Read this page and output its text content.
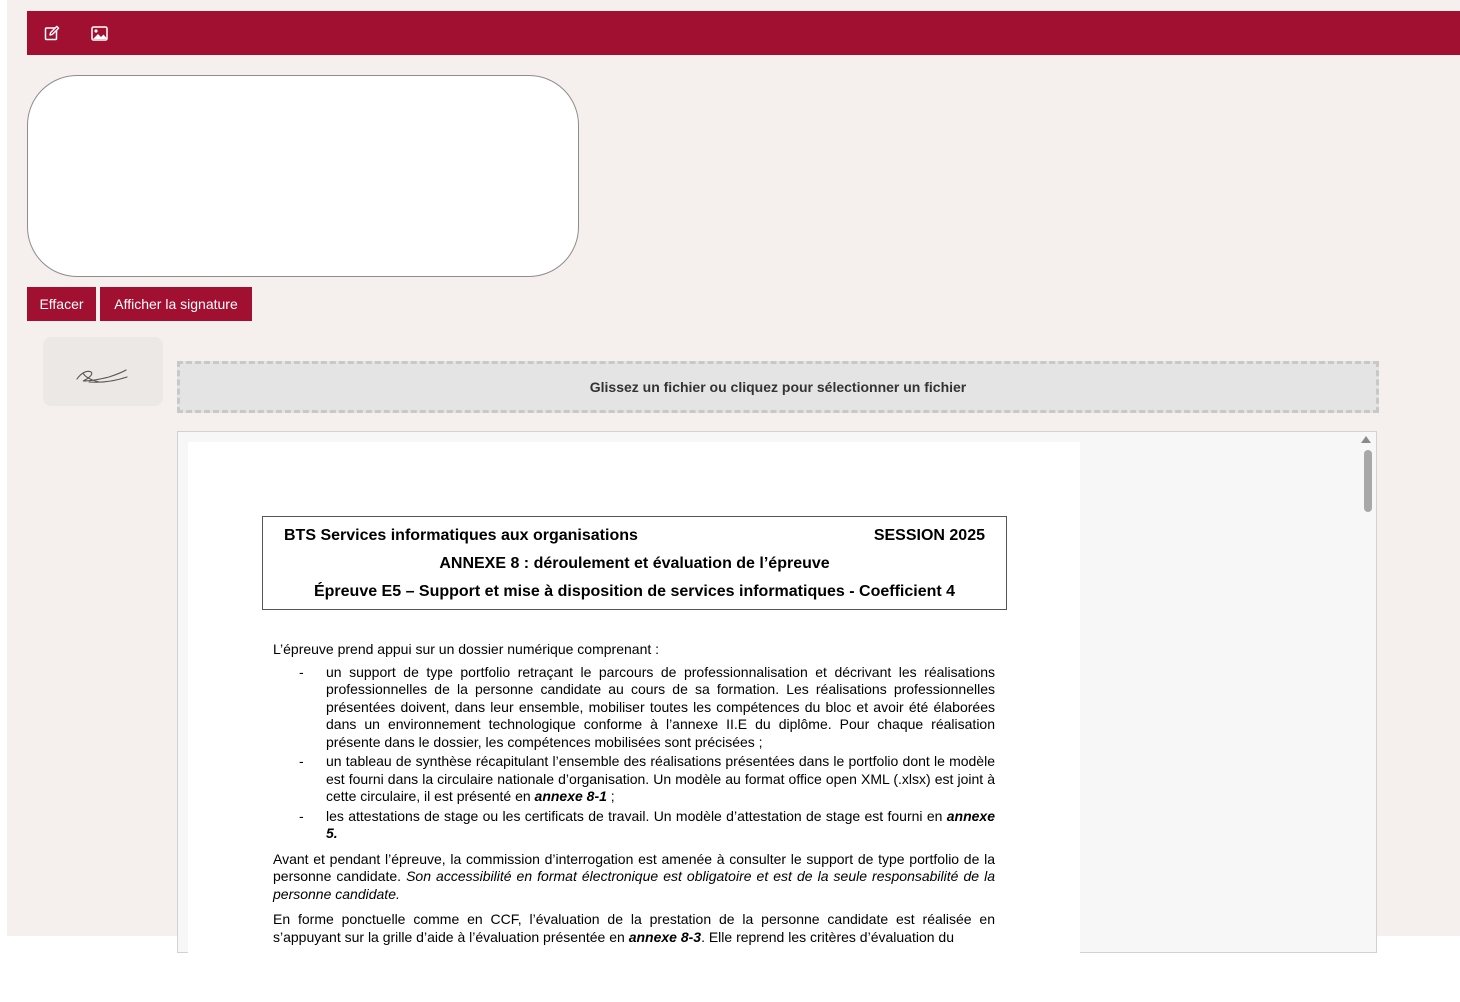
Effacer	Afficher la signature
Glissez un fichier ou cliquez pour sélectionner un fichier
BTS Services informatiques aux organisations	SESSION 2025
ANNEXE 8 : déroulement et évaluation de l’épreuve
Épreuve E5 – Support et mise à disposition de services informatiques - Coefficient 4

L’épreuve prend appui sur un dossier numérique comprenant :

- un support de type portfolio retraçant le parcours de professionnalisation et décrivant les réalisations professionnelles de la personne candidate au cours de sa formation. Les réalisations professionnelles présentées doivent, dans leur ensemble, mobiliser toutes les compétences du bloc et avoir été élaborées dans un environnement technologique conforme à l’annexe II.E du diplôme. Pour chaque réalisation présente dans le dossier, les compétences mobilisées sont précisées ;
- un tableau de synthèse récapitulant l’ensemble des réalisations présentées dans le portfolio dont le modèle est fourni dans la circulaire nationale d’organisation. Un modèle au format office open XML (.xlsx) est joint à cette circulaire, il est présenté en annexe 8-1 ;
- les attestations de stage ou les certificats de travail. Un modèle d’attestation de stage est fourni en annexe 5.

Avant et pendant l’épreuve, la commission d’interrogation est amenée à consulter le support de type portfolio de la personne candidate. Son accessibilité en format électronique est obligatoire et est de la seule responsabilité de la personne candidate.

En forme ponctuelle comme en CCF, l’évaluation de la prestation de la personne candidate est réalisée en s’appuyant sur la grille d’aide à l’évaluation présentée en annexe 8-3. Elle reprend les critères d’évaluation du
